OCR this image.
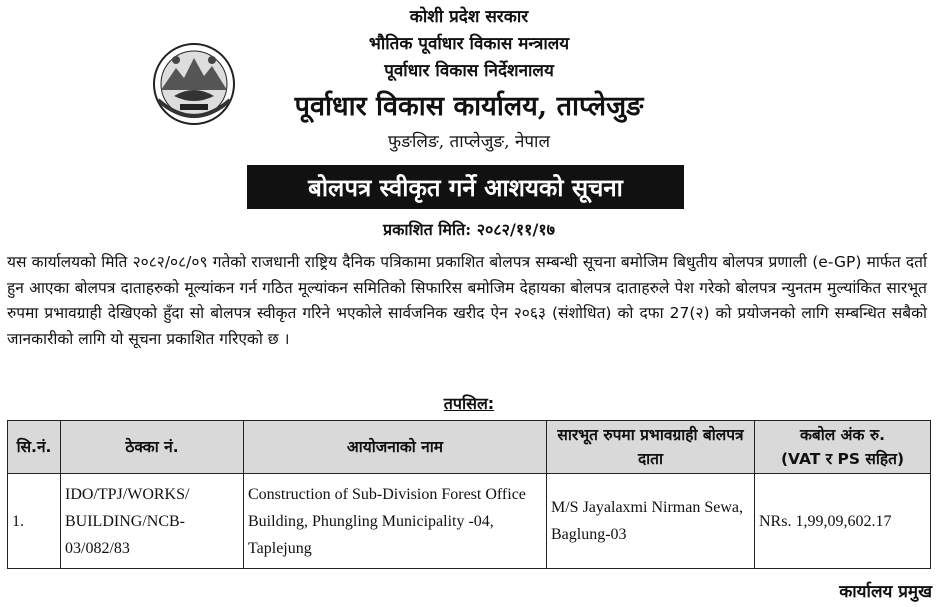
कोशी प्रदेश सरकार
भौतिक पूर्वाधार विकास मन्त्रालय
पूर्वाधार विकास निर्देशनालय
पूर्वाधार विकास कार्यालय, ताप्लेजुङ
फुङलिङ, ताप्लेजुङ, नेपाल
बोलपत्र स्वीकृत गर्ने आशयको सूचना
प्रकाशित मिति: २०८२/११/१७
यस कार्यालयको मिति २०८२/०८/०९ गतेको राजधानी राष्ट्रिय दैनिक पत्रिकामा प्रकाशित बोलपत्र सम्बन्धी सूचना बमोजिम बिधुतीय बोलपत्र प्रणाली (e-GP) मार्फत दर्ता हुन आएका बोलपत्र दाताहरुको मूल्यांकन गर्न गठित मूल्यांकन समितिको सिफारिस बमोजिम देहायका बोलपत्र दाताहरुले पेश गरेको बोलपत्र न्युनतम मुल्यांकित सारभूत रुपमा प्रभावग्राही देखिएको हुँदा सो बोलपत्र स्वीकृत गरिने भएकोले सार्वजनिक खरीद ऐन २०६३ (संशोधित) को दफा 27(२) को प्रयोजनको लागि सम्बन्धित सबैको जानकारीको लागि यो सूचना प्रकाशित गरिएको छ ।
तपसिल:
सि.नं.	ठेक्का नं.	आयोजनाको नाम	सारभूत रुपमा प्रभावग्राही बोलपत्र दाता	कबोल अंक रु.
(VAT र PS सहित)

1.	IDO/TPJ/WORKS/ BUILDING/NCB- 03/082/83	Construction of Sub-Division Forest Office Building, Phungling Municipality -04, Taplejung	M/S Jayalaxmi Nirman Sewa, Baglung-03	NRs. 1,99,09,602.17
कार्यालय प्रमुख
